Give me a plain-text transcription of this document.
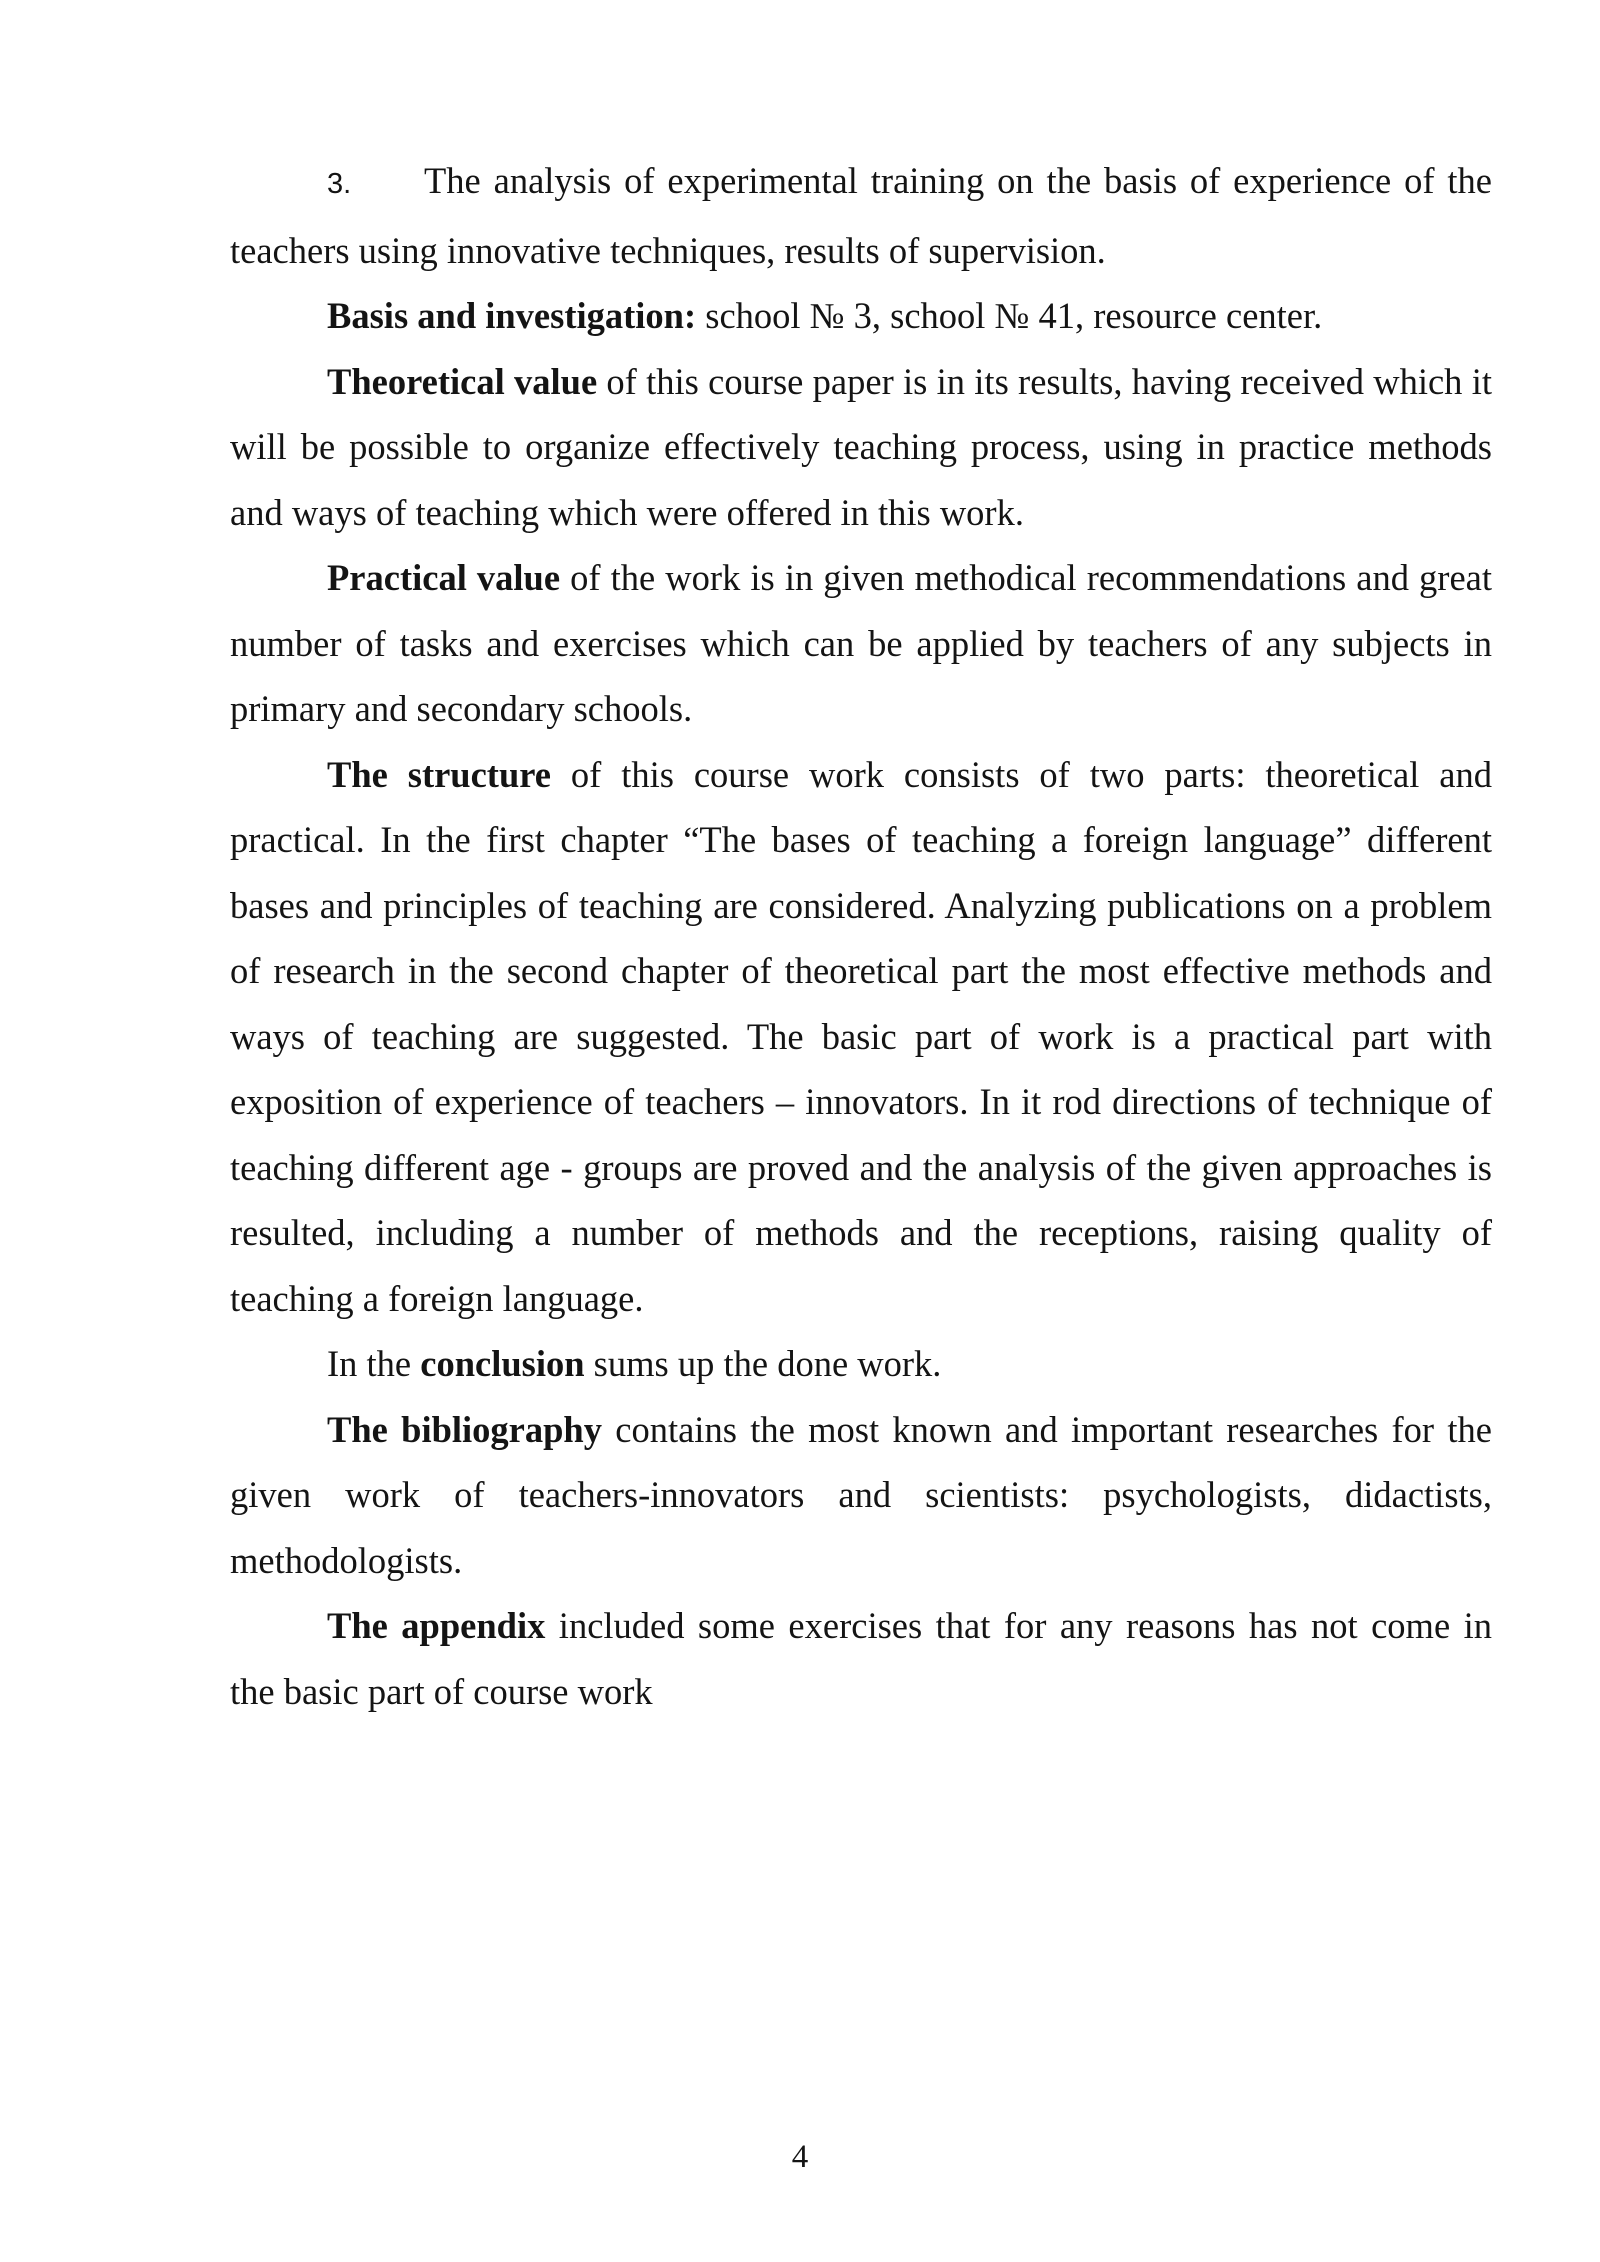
3. The analysis of experimental training on the basis of experience of the teachers using innovative techniques, results of supervision.

Basis and investigation: school № 3, school № 41, resource center.

Theoretical value of this course paper is in its results, having received which it will be possible to organize effectively teaching process, using in practice methods and ways of teaching which were offered in this work.

Practical value of the work is in given methodical recommendations and great number of tasks and exercises which can be applied by teachers of any subjects in primary and secondary schools.

The structure of this course work consists of two parts: theoretical and practical. In the first chapter “The bases of teaching a foreign language” different bases and principles of teaching are considered. Analyzing publications on a problem of research in the second chapter of theoretical part the most effective methods and ways of teaching are suggested. The basic part of work is a practical part with exposition of experience of teachers – innovators. In it rod directions of technique of teaching different age - groups are proved and the analysis of the given approaches is resulted, including a number of methods and the receptions, raising quality of teaching a foreign language.

In the conclusion sums up the done work.

The bibliography contains the most known and important researches for the given work of teachers-innovators and scientists: psychologists, didactists, methodologists.

The appendix included some exercises that for any reasons has not come in the basic part of course work

4
